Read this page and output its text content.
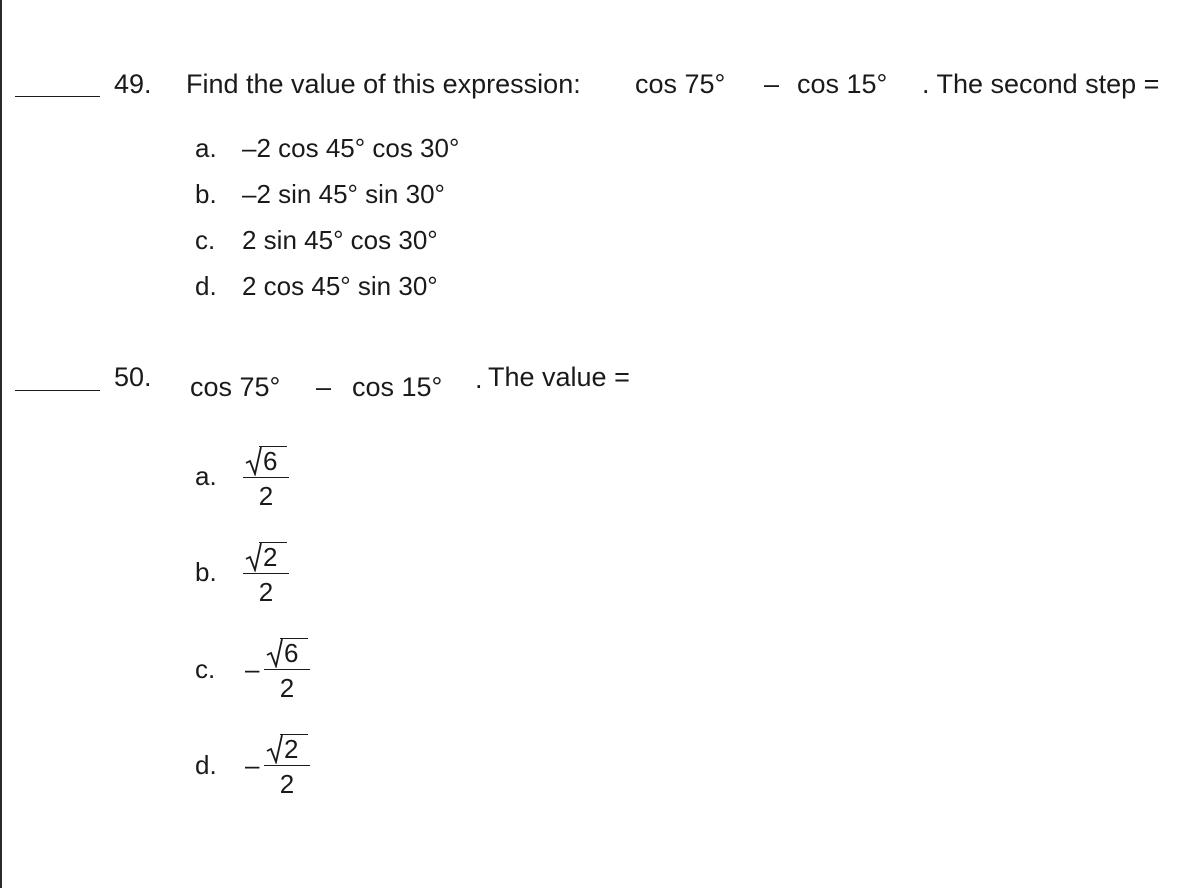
49. Find the value of this expression: cos 75° – cos 15° . The second step =
a. –2 cos 45° cos 30°
b. –2 sin 45° sin 30°
c. 2 sin 45° cos 30°
d. 2 cos 45° sin 30°
50. cos 75° – cos 15° . The value =
a. 6
2
b. 2
2
c. –
6
2
d. –
2
2
